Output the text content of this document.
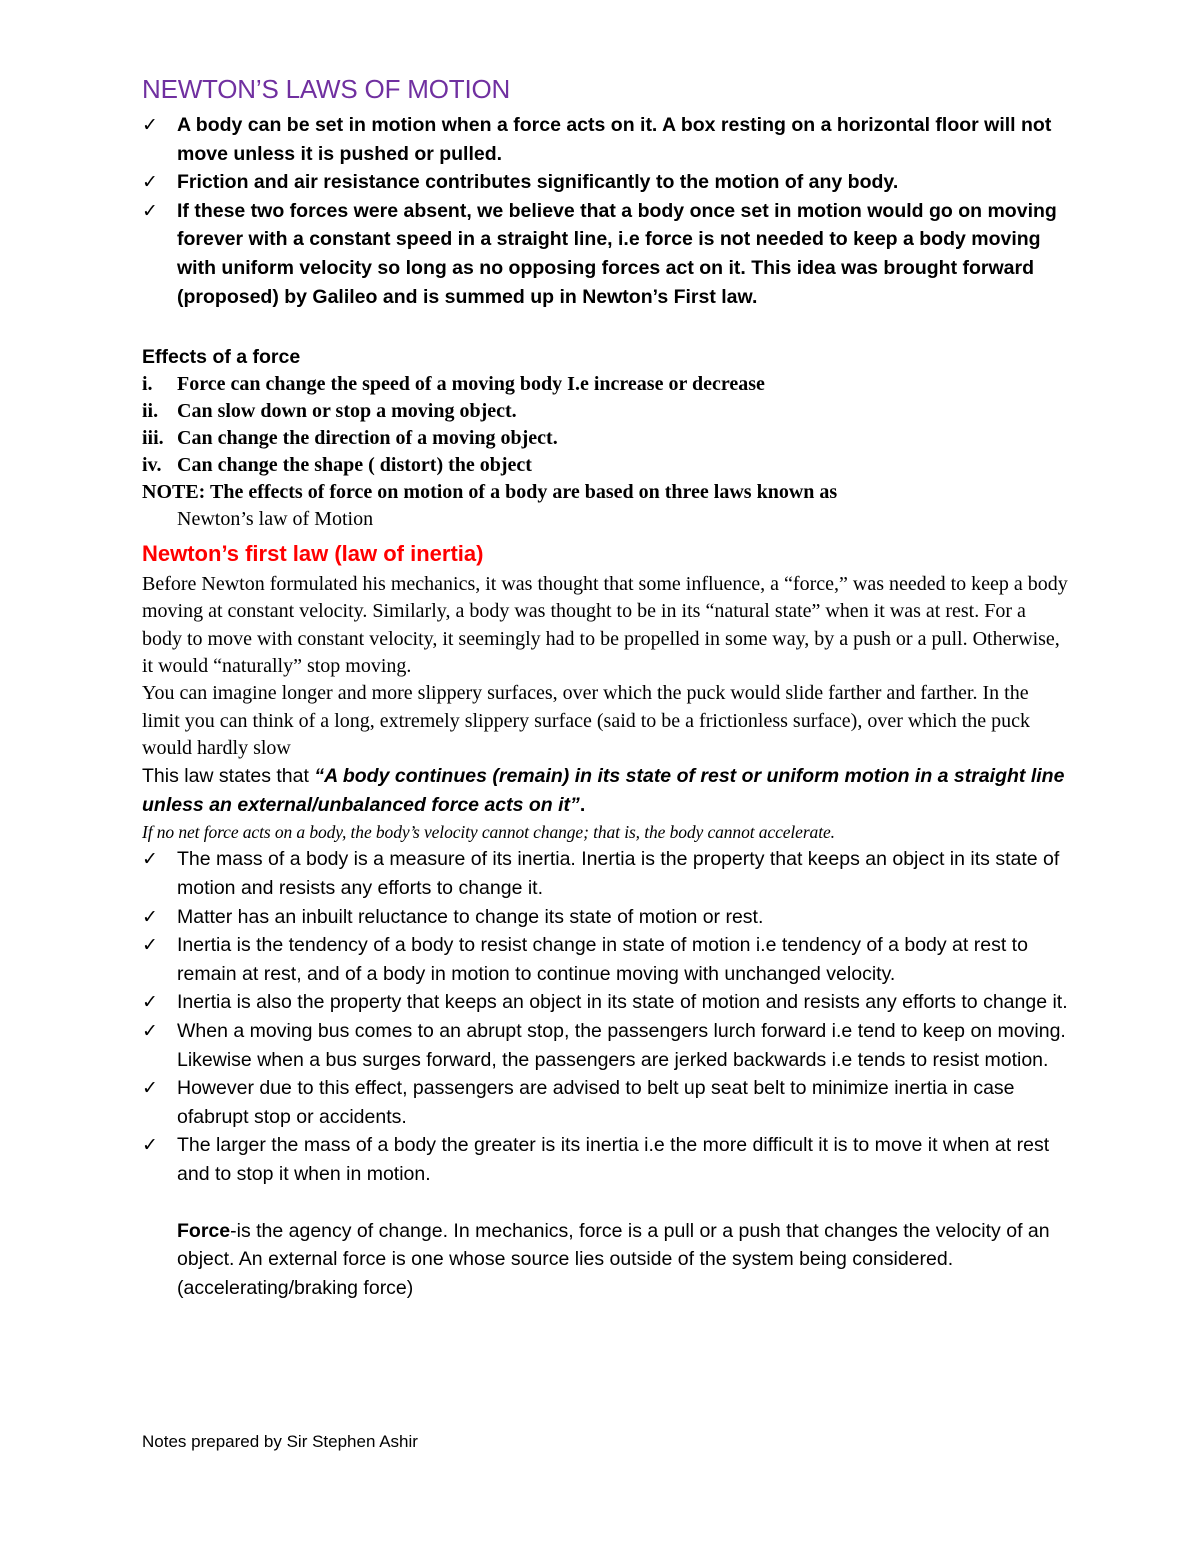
NEWTON’S LAWS OF MOTION
✓ A body can be set in motion when a force acts on it. A box resting on a horizontal floor will not move unless it is pushed or pulled.
✓ Friction and air resistance contributes significantly to the motion of any body.
✓ If these two forces were absent, we believe that a body once set in motion would go on moving forever with a constant speed in a straight line, i.e force is not needed to keep a body moving with uniform velocity so long as no opposing forces act on it. This idea was brought forward (proposed) by Galileo and is summed up in Newton’s First law.
Effects of a force
i. Force can change the speed of a moving body I.e increase or decrease
ii. Can slow down or stop a moving object.
iii. Can change the direction of a moving object.
iv. Can change the shape ( distort) the object

NOTE: The effects of force on motion of a body are based on three laws known as
Newton’s law of Motion

Newton’s first law (law of inertia)

Before Newton formulated his mechanics, it was thought that some influence, a “force,” was needed to keep a body moving at constant velocity. Similarly, a body was thought to be in its “natural state” when it was at rest. For a body to move with constant velocity, it seemingly had to be propelled in some way, by a push or a pull. Otherwise, it would “naturally” stop moving.

You can imagine longer and more slippery surfaces, over which the puck would slide farther and farther. In the limit you can think of a long, extremely slippery surface (said to be a frictionless surface), over which the puck would hardly slow

This law states that “A body continues (remain) in its state of rest or uniform motion in a straight line unless an external/unbalanced force acts on it”.

If no net force acts on a body, the body’s velocity cannot change; that is, the body cannot accelerate.

✓ The mass of a body is a measure of its inertia. Inertia is the property that keeps an object in its state of motion and resists any efforts to change it.
✓ Matter has an inbuilt reluctance to change its state of motion or rest.
✓ Inertia is the tendency of a body to resist change in state of motion i.e tendency of a body at rest to remain at rest, and of a body in motion to continue moving with unchanged velocity.
✓ Inertia is also the property that keeps an object in its state of motion and resists any efforts to change it.
✓ When a moving bus comes to an abrupt stop, the passengers lurch forward i.e tend to keep on moving. Likewise when a bus surges forward, the passengers are jerked backwards i.e tends to resist motion.
✓ However due to this effect, passengers are advised to belt up seat belt to minimize inertia in case ofabrupt stop or accidents.
✓ The larger the mass of a body the greater is its inertia i.e the more difficult it is to move it when at rest and to stop it when in motion.

Force-is the agency of change. In mechanics, force is a pull or a push that changes the velocity of an object. An external force is one whose source lies outside of the system being considered.(accelerating/braking force)

Notes prepared by Sir Stephen Ashir
